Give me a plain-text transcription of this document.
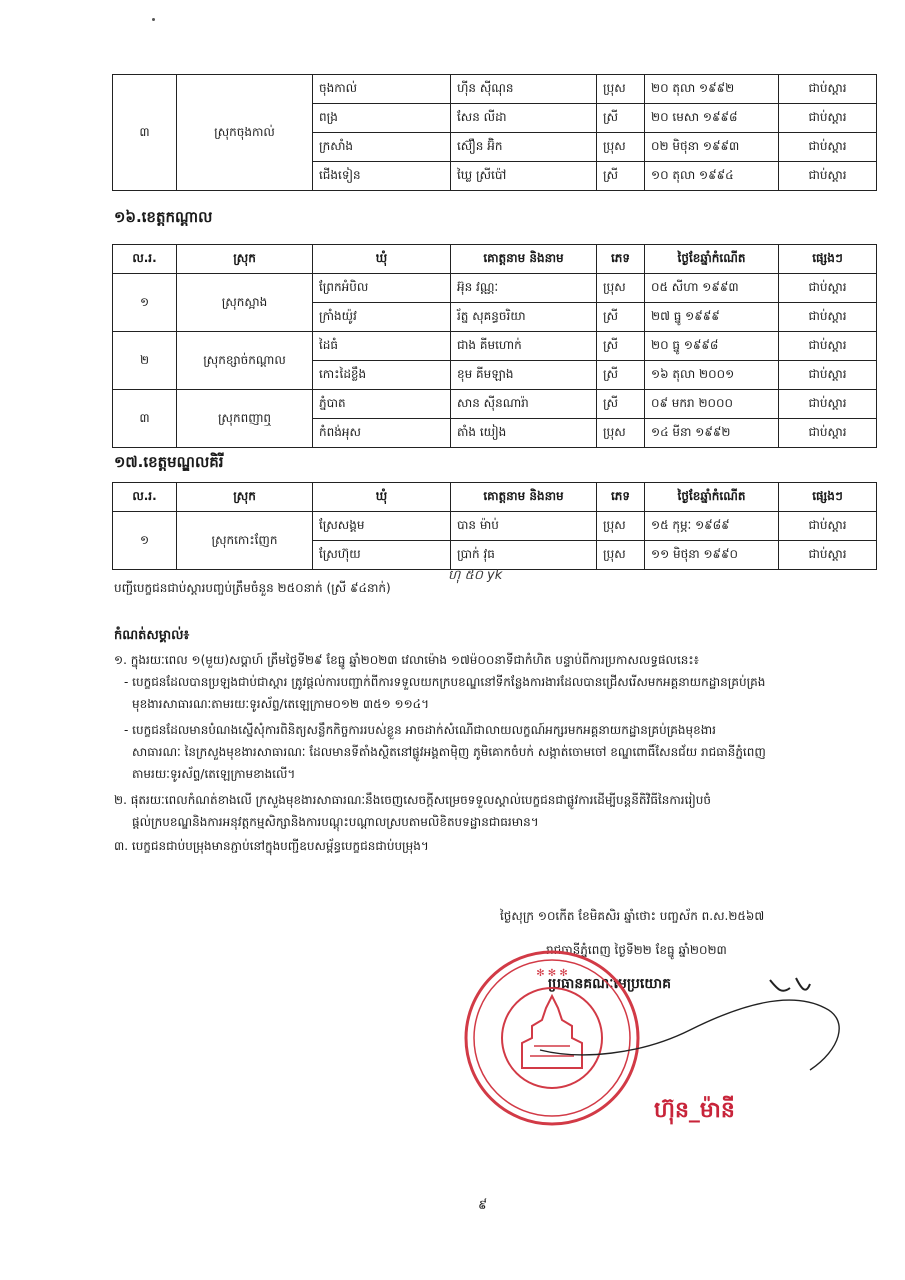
៣	ស្រុកចុងកាល់	ចុងកាល់	ហ៊ីន ស៊ីណុន	ប្រុស	២០ តុលា ១៩៩២	ជាប់ស្ដារ
		ពង្រ	សែន លីដា	ស្រី	២០ មេសា ១៩៩៨	ជាប់ស្ដារ
		ក្រសាំង	ស៊ឿន អ៊ិក	ប្រុស	០២ មិថុនា ១៩៩៣	ជាប់ស្ដារ
		ជើងទៀន	ឃ្លៃ ស្រីប៉ៅ	ស្រី	១០ តុលា ១៩៩៤	ជាប់ស្ដារ
១៦.ខេត្តកណ្ដាល
ល.រ.	ស្រុក	ឃុំ	គោត្តនាម និងនាម	ភេទ	ថ្ងៃខែឆ្នាំកំណើត	ផ្សេងៗ
១	ស្រុកស្អាង	ព្រែកអំបិល	អ៊ុន វណ្ណៈ	ប្រុស	០៥ សីហា ១៩៩៣	ជាប់ស្ដារ
		ក្រាំងយ៉ូវ	រ័ត្ន សុគន្ធចរិយា	ស្រី	២៧ ធ្នូ ១៩៩៩	ជាប់ស្ដារ
២	ស្រុកខ្សាច់កណ្ដាល	ដៃធំ	ជាង គីមហោក់	ស្រី	២០ ធ្នូ ១៩៩៨	ជាប់ស្ដារ
		កោះដៃខ្លឹង	ខុម គីមឡាង	ស្រី	១៦ តុលា ២០០១	ជាប់ស្ដារ
៣	ស្រុកពញាឮ	ភ្នំបាត	សាន ស៊ីនណារ៉ា	ស្រី	០៩ មករា ២០០០	ជាប់ស្ដារ
		កំពង់អុស	តាំង យៀង	ប្រុស	១៤ មីនា ១៩៩២	ជាប់ស្ដារ
១៧.ខេត្តមណ្ឌលគិរី
ល.រ.	ស្រុក	ឃុំ	គោត្តនាម និងនាម	ភេទ	ថ្ងៃខែឆ្នាំកំណើត	ផ្សេងៗ
១	ស្រុកកោះញែក	ស្រែសង្គម	បាន ម៉ាប់	ប្រុស	១៥ កុម្ភៈ ១៩៨៩	ជាប់ស្ដារ
		ស្រែហ៊ុយ	ប្រាក់ វុធ	ប្រុស	១១ មិថុនា ១៩៩០	ជាប់ស្ដារ
បញ្ជីបេក្ខជនជាប់ស្ដារបញ្ចប់ត្រឹមចំនួន ២៥០នាក់ (ស្រី ៩៤នាក់)
ហុ ៥០ yk
កំណត់សម្គាល់៖
១. ក្នុងរយៈពេល ១(មួយ)សប្ដាហ៍ ត្រឹមថ្ងៃទី២៩ ខែធ្នូ ឆ្នាំ២០២៣ វេលាម៉ោង ១៧ម៉០០នាទីជាកំហិត បន្ទាប់ពីការប្រកាសលទ្ធផលនេះ៖
- បេក្ខជនដែលបានប្រឡងជាប់ជាស្ដារ ត្រូវផ្ដល់ការបញ្ជាក់ពីការទទួលយកក្របខណ្ឌនៅទីកន្លែងការងារដែលបានជ្រើសរើសមកអគ្គនាយកដ្ឋានគ្រប់គ្រង
មុខងារសាធារណៈតាមរយៈទូរស័ព្ទ/តេឡេក្រាម០១២ ៣៥១ ១១៤។
- បេក្ខជនដែលមានបំណងស្នើសុំការពិនិត្យសន្លឹកកិច្ចការរបស់ខ្លួន អាចដាក់សំណើជាលាយលក្ខណ៍អក្សរមកអគ្គនាយកដ្ឋានគ្រប់គ្រងមុខងារ
សាធារណៈ នៃក្រសួងមុខងារសាធារណៈ ដែលមានទីតាំងស្ថិតនៅផ្លូវអង្គតាម៉ិញ ភូមិគោកចំបក់ សង្កាត់ចោមចៅ ខណ្ឌពោធិ៍សែនជ័យ រាជធានីភ្នំពេញ
តាមរយៈទូរស័ព្ទ/តេឡេក្រាមខាងលើ។
២. ផុតរយៈពេលកំណត់ខាងលើ ក្រសួងមុខងារសាធារណៈនឹងចេញសេចក្ដីសម្រេចទទួលស្គាល់បេក្ខជនជាផ្លូវការដើម្បីបន្តនីតិវិធីនៃការរៀបចំ
ផ្ដល់ក្របខណ្ឌនិងការអនុវត្តកម្មសិក្សានិងការបណ្ដុះបណ្ដាលស្របតាមលិខិតបទដ្ឋានជាធរមាន។
៣. បេក្ខជនជាប់បម្រុងមានភ្ជាប់នៅក្នុងបញ្ជីឧបសម្ព័ន្ធបេក្ខជនជាប់បម្រុង។
ថ្ងៃសុក្រ ១០កើត ខែមិគសិរ ឆ្នាំថោះ បញ្ចស័ក ព.ស.២៥៦៧
រាជធានីភ្នំពេញ ថ្ងៃទី២២ ខែធ្នូ ឆ្នាំ២០២៣
ប្រធានគណៈមេប្រយោគ
✻ ✻ ✻
ហ៊ុន_ម៉ានី
៩
